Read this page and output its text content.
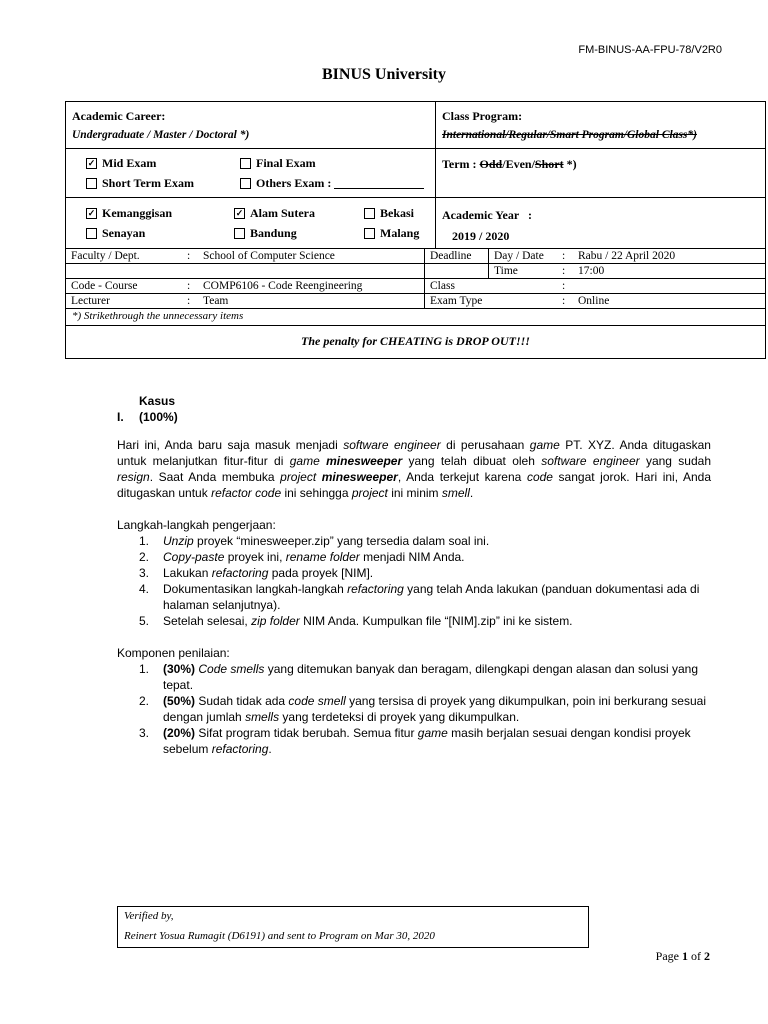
FM-BINUS-AA-FPU-78/V2R0
BINUS University
Academic Career:
Undergraduate / Master / Doctoral *)
Class Program:
International/Regular/Smart Program/Global Class*)
✓ Mid Exam	Final Exam
Short Term Exam	Others Exam :
Term : Odd/Even/Short *)
✓ Kemanggisan	✓ Alam Sutera	Bekasi
Senayan	Bandung	Malang
Academic Year   :
2019 / 2020
Faculty / Dept.	:	School of Computer Science	Deadline	Day / Date	:	Rabu / 22 April 2020
				Time	:	17:00
Code - Course	:	COMP6106 - Code Reengineering	Class		:	
Lecturer	:	Team	Exam Type		:	Online
*) Strikethrough the unnecessary items
The penalty for CHEATING is DROP OUT!!!
I.Kasus (100%)
Hari ini, Anda baru saja masuk menjadi software engineer di perusahaan game PT. XYZ. Anda ditugaskan untuk melanjutkan fitur-fitur di game minesweeper yang telah dibuat oleh software engineer yang sudah resign. Saat Anda membuka project minesweeper, Anda terkejut karena code sangat jorok. Hari ini, Anda ditugaskan untuk refactor code ini sehingga project ini minim smell.
Langkah-langkah pengerjaan:
1. Unzip proyek “minesweeper.zip” yang tersedia dalam soal ini.
2. Copy-paste proyek ini, rename folder menjadi NIM Anda.
3. Lakukan refactoring pada proyek [NIM].
4. Dokumentasikan langkah-langkah refactoring yang telah Anda lakukan (panduan dokumentasi ada di halaman selanjutnya).
5. Setelah selesai, zip folder NIM Anda. Kumpulkan file “[NIM].zip” ini ke sistem.
Komponen penilaian:
1. (30%) Code smells yang ditemukan banyak dan beragam, dilengkapi dengan alasan dan solusi yang tepat.
2. (50%) Sudah tidak ada code smell yang tersisa di proyek yang dikumpulkan, poin ini berkurang sesuai dengan jumlah smells yang terdeteksi di proyek yang dikumpulkan.
3. (20%) Sifat program tidak berubah. Semua fitur game masih berjalan sesuai dengan kondisi proyek sebelum refactoring.
Verified by,
Reinert Yosua Rumagit (D6191) and sent to Program on Mar 30, 2020
Page 1 of 2
